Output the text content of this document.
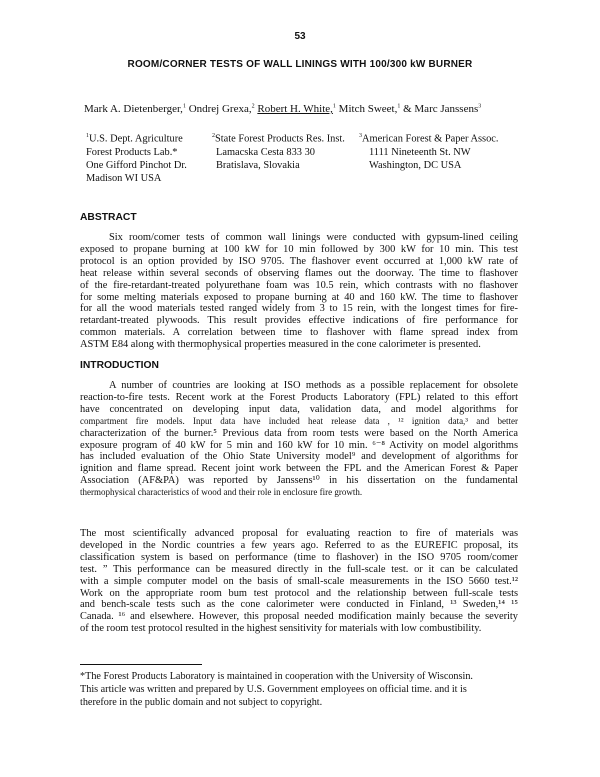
53
ROOM/CORNER TESTS OF WALL LININGS WITH 100/300 kW BURNER
Mark A. Dietenberger,$^1$ Ondrej Grexa,$^2$ Robert H. White,$^1$ Mitch Sweet,$^1$ & Marc Janssens$^3$
$^1$U.S. Dept. Agriculture
Forest Products Lab.*
One Gifford Pinchot Dr.
Madison WI USA
$^2$State Forest Products Res. Inst.
Lamacska Cesta 833 30
Bratislava, Slovakia
$^3$American Forest & Paper Assoc.
1111 Nineteenth St. NW
Washington, DC USA
ABSTRACT
Six room/comer tests of common wall linings were conducted with gypsum-lined ceiling
exposed to propane burning at 100 kW for 10 min followed by 300 kW for 10 min. This test
protocol is an option provided by ISO 9705. The flashover event occurred at 1,000 kW rate of
heat release within several seconds of observing flames out the doorway. The time to flashover
of the fire-retardant-treated polyurethane foam was 10.5 rein, which contrasts with no flashover
for some melting materials exposed to propane burning at 40 and 160 kW. The time to flashover
for all the wood materials tested ranged widely from 3 to 15 rein, with the longest times for fire-
retardant-treated plywoods. This result provides effective indications of fire performance for
common materials. A correlation between time to flashover with flame spread index from
ASTM E84 along with thermophysical properties measured in the cone calorimeter is presented.
INTRODUCTION
A number of countries are looking at ISO methods as a possible replacement for obsolete
reaction-to-fire tests. Recent work at the Forest Products Laboratory (FPL) related to this effort
have concentrated on developing input data, validation data, and model algorithms for
compartment fire models. Input data have included heat release data , ¹² ignition data,³ and better
characterization of the burner.⁵ Previous data from room tests were based on the North America
exposure program of 40 kW for 5 min and 160 kW for 10 min. ⁶⁻⁸ Activity on model algorithms
has included evaluation of the Ohio State University model⁹ and development of algorithms for
ignition and flame spread. Recent joint work between the FPL and the American Forest & Paper
Association (AF&PA) was reported by Janssens¹⁰ in his dissertation on the fundamental
thermophysical characteristics of wood and their role in enclosure fire growth.
The most scientifically advanced proposal for evaluating reaction to fire of materials was
developed in the Nordic countries a few years ago. Referred to as the EUREFIC proposal, its
classification system is based on performance (time to flashover) in the ISO 9705 room/comer
test. ” This performance can be measured directly in the full-scale test. or it can be calculated
with a simple computer model on the basis of small-scale measurements in the ISO 5660 test.¹²
Work on the appropriate room bum test protocol and the relationship between full-scale tests
and bench-scale tests such as the cone calorimeter were conducted in Finland, ¹³ Sweden,¹⁴ ¹⁵
Canada. ¹⁶ and elsewhere. However, this proposal needed modification mainly because the severity
of the room test protocol resulted in the highest sensitivity for materials with low combustibility.
*The Forest Products Laboratory is maintained in cooperation with the University of Wisconsin.
This article was written and prepared by U.S. Government employees on official time. and it is
therefore in the public domain and not subject to copyright.
